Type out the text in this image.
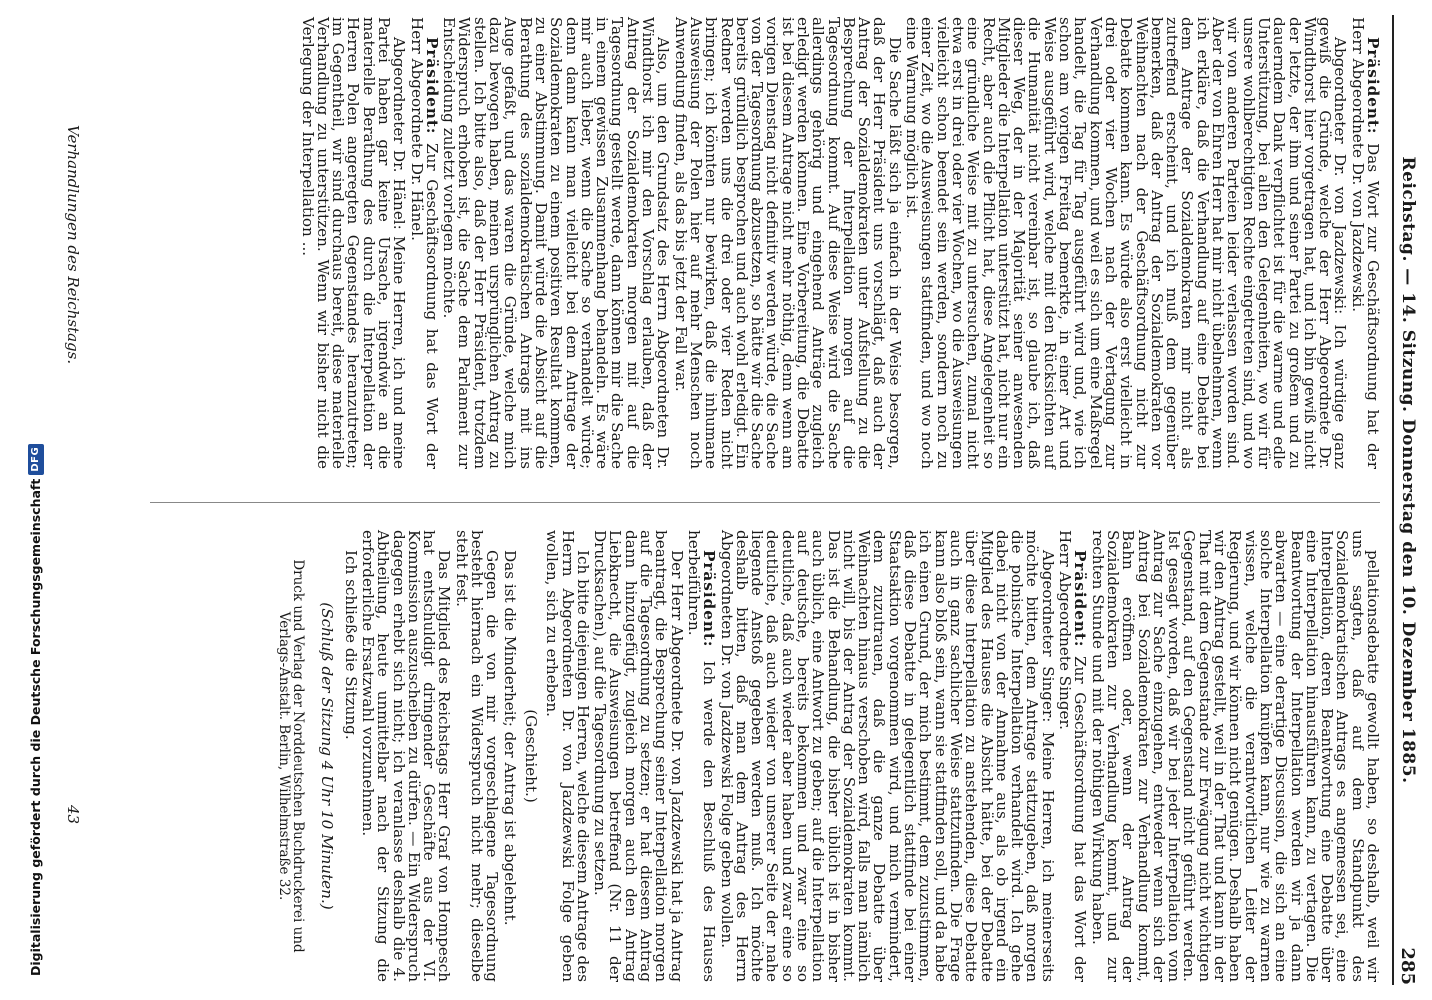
Reichstag. — 14. Sitzung. Donnerstag den 10. Dezember 1885.
285

Präsident: Das Wort zur Geschäftsordnung hat der Herr Abgeordnete Dr. von Jazdzewski.

Abgeordneter Dr. von Jazdzewski: Ich würdige ganz gewiß die Gründe, welche der Herr Abgeordnete Dr. Windthorst hier vorgetragen hat, und ich bin gewiß nicht der letzte, der ihm und seiner Partei zu großem und zu dauerndem Dank verpflichtet ist für die warme und edle Unterstützung, bei allen den Gelegenheiten, wo wir für unsere wohlberechtigten Rechte eingetreten sind, und wo wir von anderen Parteien leider verlassen worden sind. Aber der von Ehren Herr hat mir nicht übelnehmen, wenn ich erkläre, daß die Verhandlung auf eine Debatte bei dem Antrage der Sozialdemokraten mir nicht als zutreffend erscheint, und ich muß dem gegenüber bemerken, daß der Antrag der Sozialdemokraten vor Weihnachten nach der Geschäftsordnung nicht zur Debatte kommen kann. Es würde also erst vielleicht in drei oder vier Wochen nach der Vertagung zur Verhandlung kommen, und weil es sich um eine Maßregel handelt, die Tag für Tag ausgeführt wird und, wie ich schon am vorigen Freitag bemerkte, in einer Art und Weise ausgeführt wird, welche mit den Rücksichten auf die Humanität nicht vereinbar ist, so glaube ich, daß dieser Weg, der in der Majorität seiner anwesenden Mitglieder die Interpellation unterstützt hat, nicht nur ein Recht, aber auch die Pflicht hat, diese Angelegenheit so eine gründliche Weise mit zu untersuchen, zumal nicht etwa erst in drei oder vier Wochen, wo die Ausweisungen vielleicht schon beendet sein werden, sondern noch zu einer Zeit, wo die Ausweisungen stattfinden, und wo noch eine Warnung möglich ist.

Die Sache läßt sich ja einfach in der Weise besorgen, daß der Herr Präsident uns vorschlägt, daß auch der Antrag der Sozialdemokraten unter Aufstellung zu die Besprechung der Interpellation morgen auf die Tagesordnung kommt. Auf diese Weise wird die Sache allerdings gehörig und eingehend Anträge zugleich erledigt werden können. Eine Vorbereitung, die Debatte ist bei diesem Antrage nicht mehr nöthig, denn wenn am vorigen Dienstag nicht definitiv werden würde, die Sache von der Tagesordnung abzusetzen, so hätte wir die Sache bereits gründlich besprochen und auch wohl erledigt. Ein Redner werden uns die drei oder vier Reden nicht bringen; ich könnten nur bewirken, daß die inhumane Ausweisung der Polen hier auf mehr Menschen noch Anwendung finden, als das bis jetzt der Fall war.

Also, um den Grundsatz des Herrn Abgeordneten Dr. Windthorst ich mir den Vorschlag erlauben, daß der Antrag der Sozialdemokraten morgen mit auf die Tagesordnung gestellt werde, dann können mir die Sache in einem gewissen Zusammenhang behandeln. Es wäre mir auch lieber, wenn die Sache so verhandelt würde; denn dann kann man vielleicht bei dem Antrage der Sozialdemokraten zu einem positiven Resultat kommen, zu einer Abstimmung. Damit würde die Absicht auf die Berathung des sozialdemokratischen Antrags mit ins Auge gefaßt, und das waren die Gründe, welche mich dazu bewogen haben, meinen ursprünglichen Antrag zu stellen. Ich bitte also, daß der Herr Präsident, trotzdem Widerspruch erhoben ist, die Sache dem Parlament zur Entscheidung zuletzt vorlegen möchte.

Präsident: Zur Geschäftsordnung hat das Wort der Herr Abgeordnete Dr. Hänel.

Abgeordneter Dr. Hänel: Meine Herren, ich und meine Partei haben gar keine Ursache, irgendwie an die materielle Berathung des durch die Interpellation der Herren Polen angeregten Gegenstandes heranzutreten; im Gegentheil, wir sind durchaus bereit, diese materielle Verhandlung zu unterstützen. Wenn wir bisher nicht die Verlegung der Interpellation ...

pellationsdebatte gewollt haben, so deshalb, weil wir uns sagten, daß auf dem Standpunkt des Sozialdemokratischen Antrags es angemessen sei, eine Interpellation, deren Beantwortung eine Debatte über eine Interpellation hinausführen kann, zu vertagen. Die Beantwortung der Interpellation werden wir ja dann abwarten — eine derartige Discussion, die sich an eine solche Interpellation knüpfen kann, nur wie zu warnen wissen, welche die verantwortlichen Leiter der Regierung, und wir können nicht genügen. Deshalb haben wir den Antrag gestellt, weil in der That und kann in der That mit dem Gegenstande zur Erwägung nicht wichtigen Gegenstand, auf den Gegenstand nicht geführt werden. Ist gesagt worden, daß wir bei jeder Interpellation vom Antrag zur Sache einzugehen, entweder wenn sich der Antrag bei Sozialdemokraten zur Verhandlung kommt, Bahn eröffnen oder, wenn der Antrag der Sozialdemokraten zur Verhandlung kommt, und zur rechten Stunde und mit der nöthigen Wirkung haben.

Präsident: Zur Geschäftsordnung hat das Wort der Herr Abgeordnete Singer.

Abgeordneter Singer: Meine Herren, ich meinerseits möchte bitten, dem Antrage stattzugeben, daß morgen die polnische Interpellation verhandelt wird. Ich gehe dabei nicht von der Annahme aus, als ob irgend ein Mitglied des Hauses die Absicht hätte, bei der Debatte über diese Interpellation zu anstehenden, diese Debatte auch in ganz sachlicher Weise stattzufinden. Die Frage kann also bloß sein, wann sie stattfinden soll, und da habe ich einen Grund, der mich bestimmt, dem zuzustimmen, daß diese Debatte in gelegentlich stattfinde bei einer Staatsaktion vorgenommen wird, und mich vermindert, dem zuzutrauen, daß die ganze Debatte über Weihnachten hinaus verschoben wird, falls man nämlich nicht will, bis der Antrag der Sozialdemokraten kommt. Das ist die Behandlung, die bisher üblich ist in bisher auch üblich, eine Antwort zu geben; auf die Interpellation auf deutsche, bereits bekommen und zwar eine so deutliche, daß auch wieder aber haben und zwar eine so deutliche, daß auch wieder von unserer Seite der nahe liegende Anstoß gegeben werden muß. Ich möchte deshalb bitten, daß man dem Antrag des Herrn Abgeordneten Dr. von Jazdzewski Folge geben wollen.

Präsident: Ich werde den Beschluß des Hauses herbeiführen.

Der Herr Abgeordnete Dr. von Jazdzewski hat ja Antrag beantragt, die Besprechung seiner Interpellation morgen auf die Tagesordnung zu setzen; er hat diesem Antrag dann hinzugefügt, zugleich morgen auch den Antrag Liebknecht, die Ausweisungen betreffend (Nr. 11 der Drucksachen), auf die Tagesordnung zu setzen.

Ich bitte diejenigen Herren, welche diesem Antrage des Herrn Abgeordneten Dr. von Jazdzewski Folge geben wollen, sich zu erheben.

(Geschieht.)

Das ist die Minderheit; der Antrag ist abgelehnt.

Gegen die von mir vorgeschlagene Tagesordnung besteht hiernach ein Widerspruch nicht mehr; dieselbe steht fest.

Das Mitglied des Reichstags Herr Graf von Hompesch hat entschuldigt dringender Geschäfte aus der VI. Kommission auszuscheiben zu dürfen. — Ein Widerspruch dagegen erhebt sich nicht; ich veranlasse deshalb die 4. Abtheilung, heute unmittelbar nach der Sitzung die erforderliche Ersatzwahl vorzunehmen.

Ich schließe die Sitzung.

(Schluß der Sitzung 4 Uhr 10 Minuten.)

Druck und Verlag der Norddeutschen Buchdruckerei und Verlags-Anstalt. Berlin, Wilhelmstraße 32.

Verhandlungen des Reichstags.
43
Digitalisierung gefördert durch die Deutsche Forschungsgemeinschaft
DFG
